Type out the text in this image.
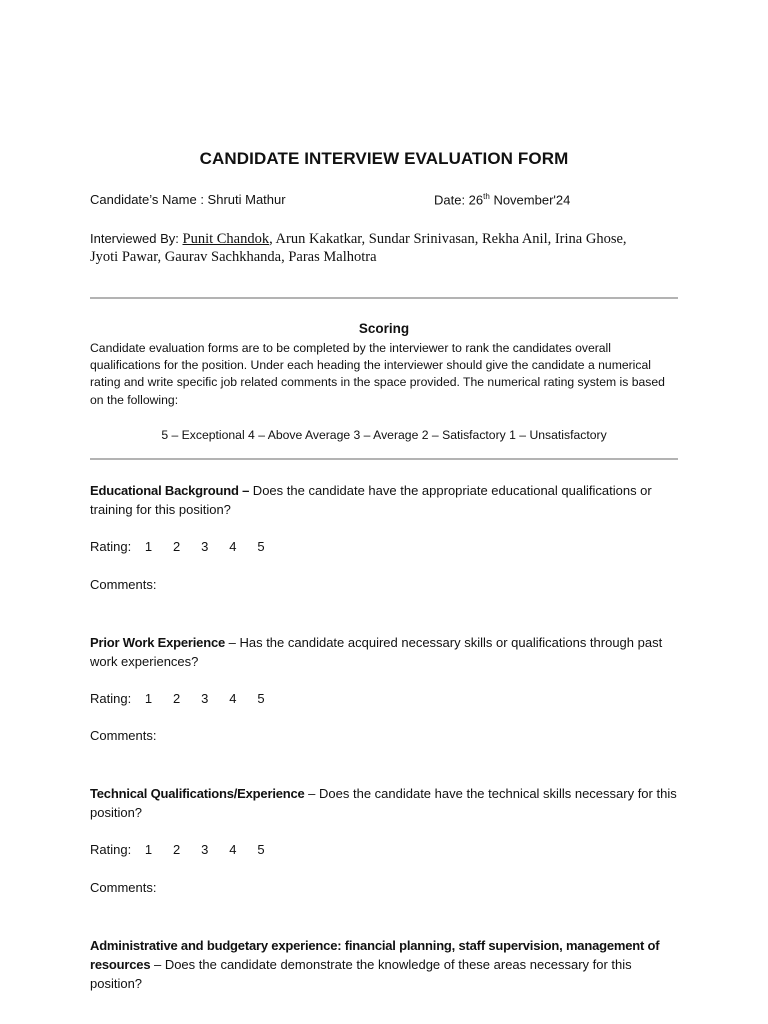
CANDIDATE INTERVIEW EVALUATION FORM
Candidate’s Name : Shruti Mathur	Date: 26th November'24
Interviewed By: Punit Chandok, Arun Kakatkar, Sundar Srinivasan, Rekha Anil, Irina Ghose,
Jyoti Pawar, Gaurav Sachkhanda, Paras Malhotra
Scoring
Candidate evaluation forms are to be completed by the interviewer to rank the candidates overall qualifications for the position. Under each heading the interviewer should give the candidate a numerical rating and write specific job related comments in the space provided. The numerical rating system is based on the following:
5 – Exceptional 4 – Above Average 3 – Average 2 – Satisfactory 1 – Unsatisfactory
Educational Background – Does the candidate have the appropriate educational qualifications or training for this position?
Rating: 1 2 3 4 5
Comments:
Prior Work Experience – Has the candidate acquired necessary skills or qualifications through past work experiences?
Rating: 1 2 3 4 5
Comments:
Technical Qualifications/Experience – Does the candidate have the technical skills necessary for this position?
Rating: 1 2 3 4 5
Comments:
Administrative and budgetary experience: financial planning, staff supervision, management of resources – Does the candidate demonstrate the knowledge of these areas necessary for this position?
